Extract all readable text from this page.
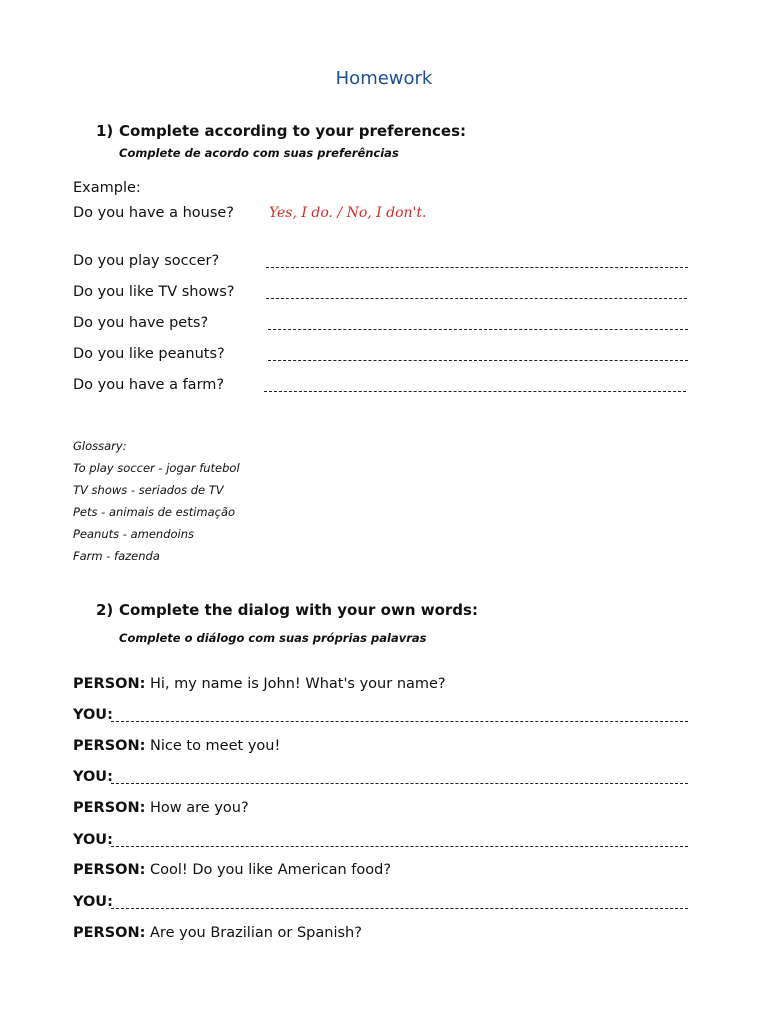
Homework
1) Complete according to your preferences:

Complete de acordo com suas preferências

Example:
Do you have a house? Yes, I do. / No, I don't.
Do you play soccer?
Do you like TV shows?
Do you have pets?
Do you like peanuts?
Do you have a farm?
Glossary:
To play soccer - jogar futebol
TV shows - seriados de TV
Pets - animais de estimação
Peanuts - amendoins
Farm - fazenda
2) Complete the dialog with your own words:

Complete o diálogo com suas próprias palavras

PERSON: Hi, my name is John! What's your name?
YOU:
PERSON: Nice to meet you!
YOU:
PERSON: How are you?
YOU:
PERSON: Cool! Do you like American food?
YOU:
PERSON: Are you Brazilian or Spanish?
